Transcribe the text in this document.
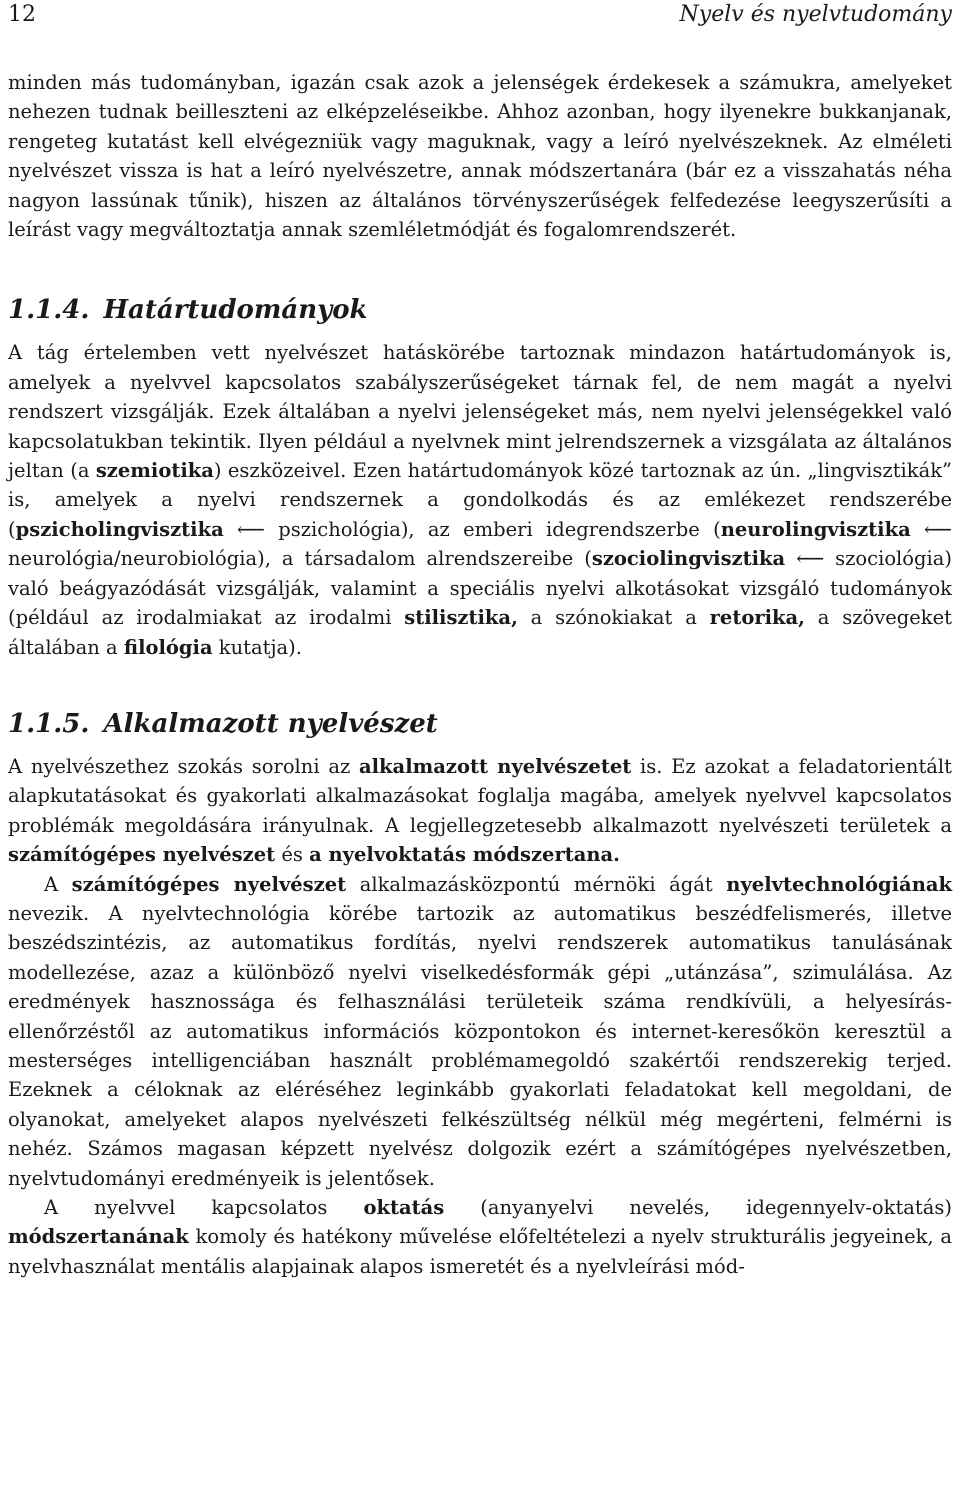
12	Nyelv és nyelvtudomány

minden más tudományban, igazán csak azok a jelenségek érdekesek a számukra, amelyeket nehezen tudnak beilleszteni az elképzeléseikbe. Ahhoz azonban, hogy ilyenekre bukkanjanak, rengeteg kutatást kell elvégezniük vagy maguknak, vagy a leíró nyelvészeknek. Az elméleti nyelvészet vissza is hat a leíró nyelvészetre, annak módszertanára (bár ez a visszahatás néha nagyon lassúnak tűnik), hiszen az általános törvényszerűségek felfedezése leegyszerűsíti a leírást vagy megváltoztatja annak szemléletmódját és fogalomrendszerét.

1.1.4. Határtudományok

A tág értelemben vett nyelvészet hatáskörébe tartoznak mindazon határtudományok is, amelyek a nyelvvel kapcsolatos szabályszerűségeket tárnak fel, de nem magát a nyelvi rendszert vizsgálják. Ezek általában a nyelvi jelenségeket más, nem nyelvi jelenségekkel való kapcsolatukban tekintik. Ilyen például a nyelvnek mint jelrendszernek a vizsgálata az általános jeltan (a szemiotika) eszközeivel. Ezen határtudományok közé tartoznak az ún. „lingvisztikák” is, amelyek a nyelvi rendszernek a gondolkodás és az emlékezet rendszerébe (pszicholingvisztika ⟵ pszichológia), az emberi idegrendszerbe (neurolingvisztika ⟵ neurológia/neurobiológia), a társadalom alrendszereibe (szociolingvisztika ⟵ szociológia) való beágyazódását vizsgálják, valamint a speciális nyelvi alkotásokat vizsgáló tudományok (például az irodalmiakat az irodalmi stilisztika, a szónokiakat a retorika, a szövegeket általában a filológia kutatja).

1.1.5. Alkalmazott nyelvészet

A nyelvészethez szokás sorolni az alkalmazott nyelvészetet is. Ez azokat a feladatorientált alapkutatásokat és gyakorlati alkalmazásokat foglalja magába, amelyek nyelvvel kapcsolatos problémák megoldására irányulnak. A legjellegzetesebb alkalmazott nyelvészeti területek a számítógépes nyelvészet és a nyelvoktatás módszertana.

A számítógépes nyelvészet alkalmazásközpontú mérnöki ágát nyelvtechnológiának nevezik. A nyelvtechnológia körébe tartozik az automatikus beszédfelismerés, illetve beszédszintézis, az automatikus fordítás, nyelvi rendszerek automatikus tanulásának modellezése, azaz a különböző nyelvi viselkedésformák gépi „utánzása”, szimulálása. Az eredmények hasznossága és felhasználási területeik száma rendkívüli, a helyesírás-ellenőrzéstől az automatikus információs központokon és internet-keresőkön keresztül a mesterséges intelligenciában használt problémamegoldó szakértői rendszerekig terjed. Ezeknek a céloknak az eléréséhez leginkább gyakorlati feladatokat kell megoldani, de olyanokat, amelyeket alapos nyelvészeti felkészültség nélkül még megérteni, felmérni is nehéz. Számos magasan képzett nyelvész dolgozik ezért a számítógépes nyelvészetben, nyelvtudományi eredményeik is jelentősek.

A nyelvvel kapcsolatos oktatás (anyanyelvi nevelés, idegennyelv-oktatás) módszertanának komoly és hatékony művelése előfeltételezi a nyelv strukturális jegyeinek, a nyelvhasználat mentális alapjainak alapos ismeretét és a nyelvleírási mód-
